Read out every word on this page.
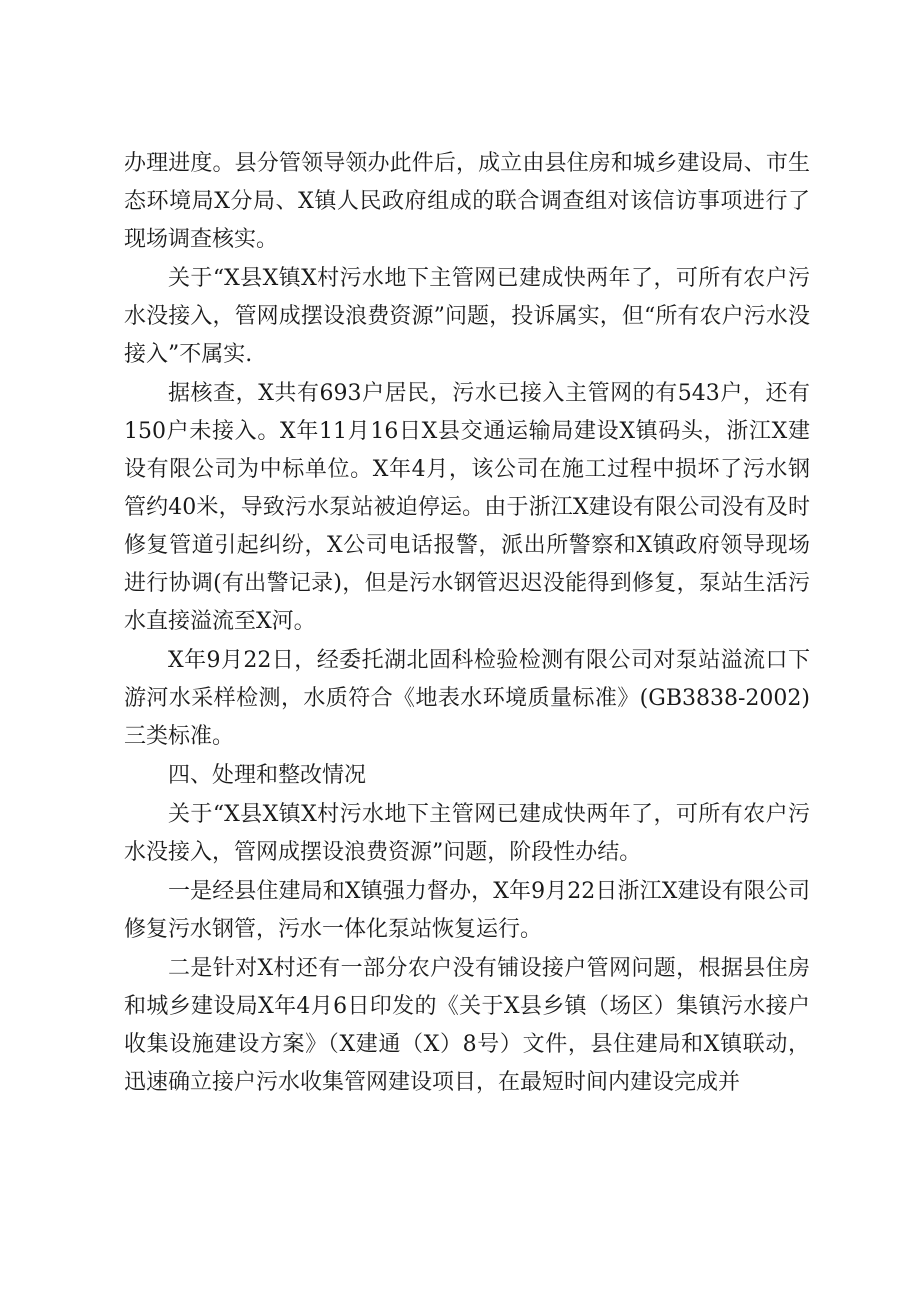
办理进度。县分管领导领办此件后，成立由县住房和城乡建设局、市生态环境局X分局、X镇人民政府组成的联合调查组对该信访事项进行了现场调查核实。

关于“X县X镇X村污水地下主管网已建成快两年了，可所有农户污水没接入，管网成摆设浪费资源”问题，投诉属实，但“所有农户污水没接入”不属实.

据核查，X共有693户居民，污水已接入主管网的有543户，还有150户未接入。X年11月16日X县交通运输局建设X镇码头，浙江X建设有限公司为中标单位。X年4月，该公司在施工过程中损坏了污水钢管约40米，导致污水泵站被迫停运。由于浙江X建设有限公司没有及时修复管道引起纠纷，X公司电话报警，派出所警察和X镇政府领导现场进行协调(有出警记录)，但是污水钢管迟迟没能得到修复，泵站生活污水直接溢流至X河。

X年9月22日，经委托湖北固科检验检测有限公司对泵站溢流口下游河水采样检测，水质符合《地表水环境质量标准》(GB3838-2002)三类标准。

四、处理和整改情况

关于“X县X镇X村污水地下主管网已建成快两年了，可所有农户污水没接入，管网成摆设浪费资源”问题，阶段性办结。

一是经县住建局和X镇强力督办，X年9月22日浙江X建设有限公司修复污水钢管，污水一体化泵站恢复运行。

二是针对X村还有一部分农户没有铺设接户管网问题，根据县住房和城乡建设局X年4月6日印发的《关于X县乡镇（场区）集镇污水接户收集设施建设方案》（X建通（X）8号）文件，县住建局和X镇联动，迅速确立接户污水收集管网建设项目，在最短时间内建设完成并
